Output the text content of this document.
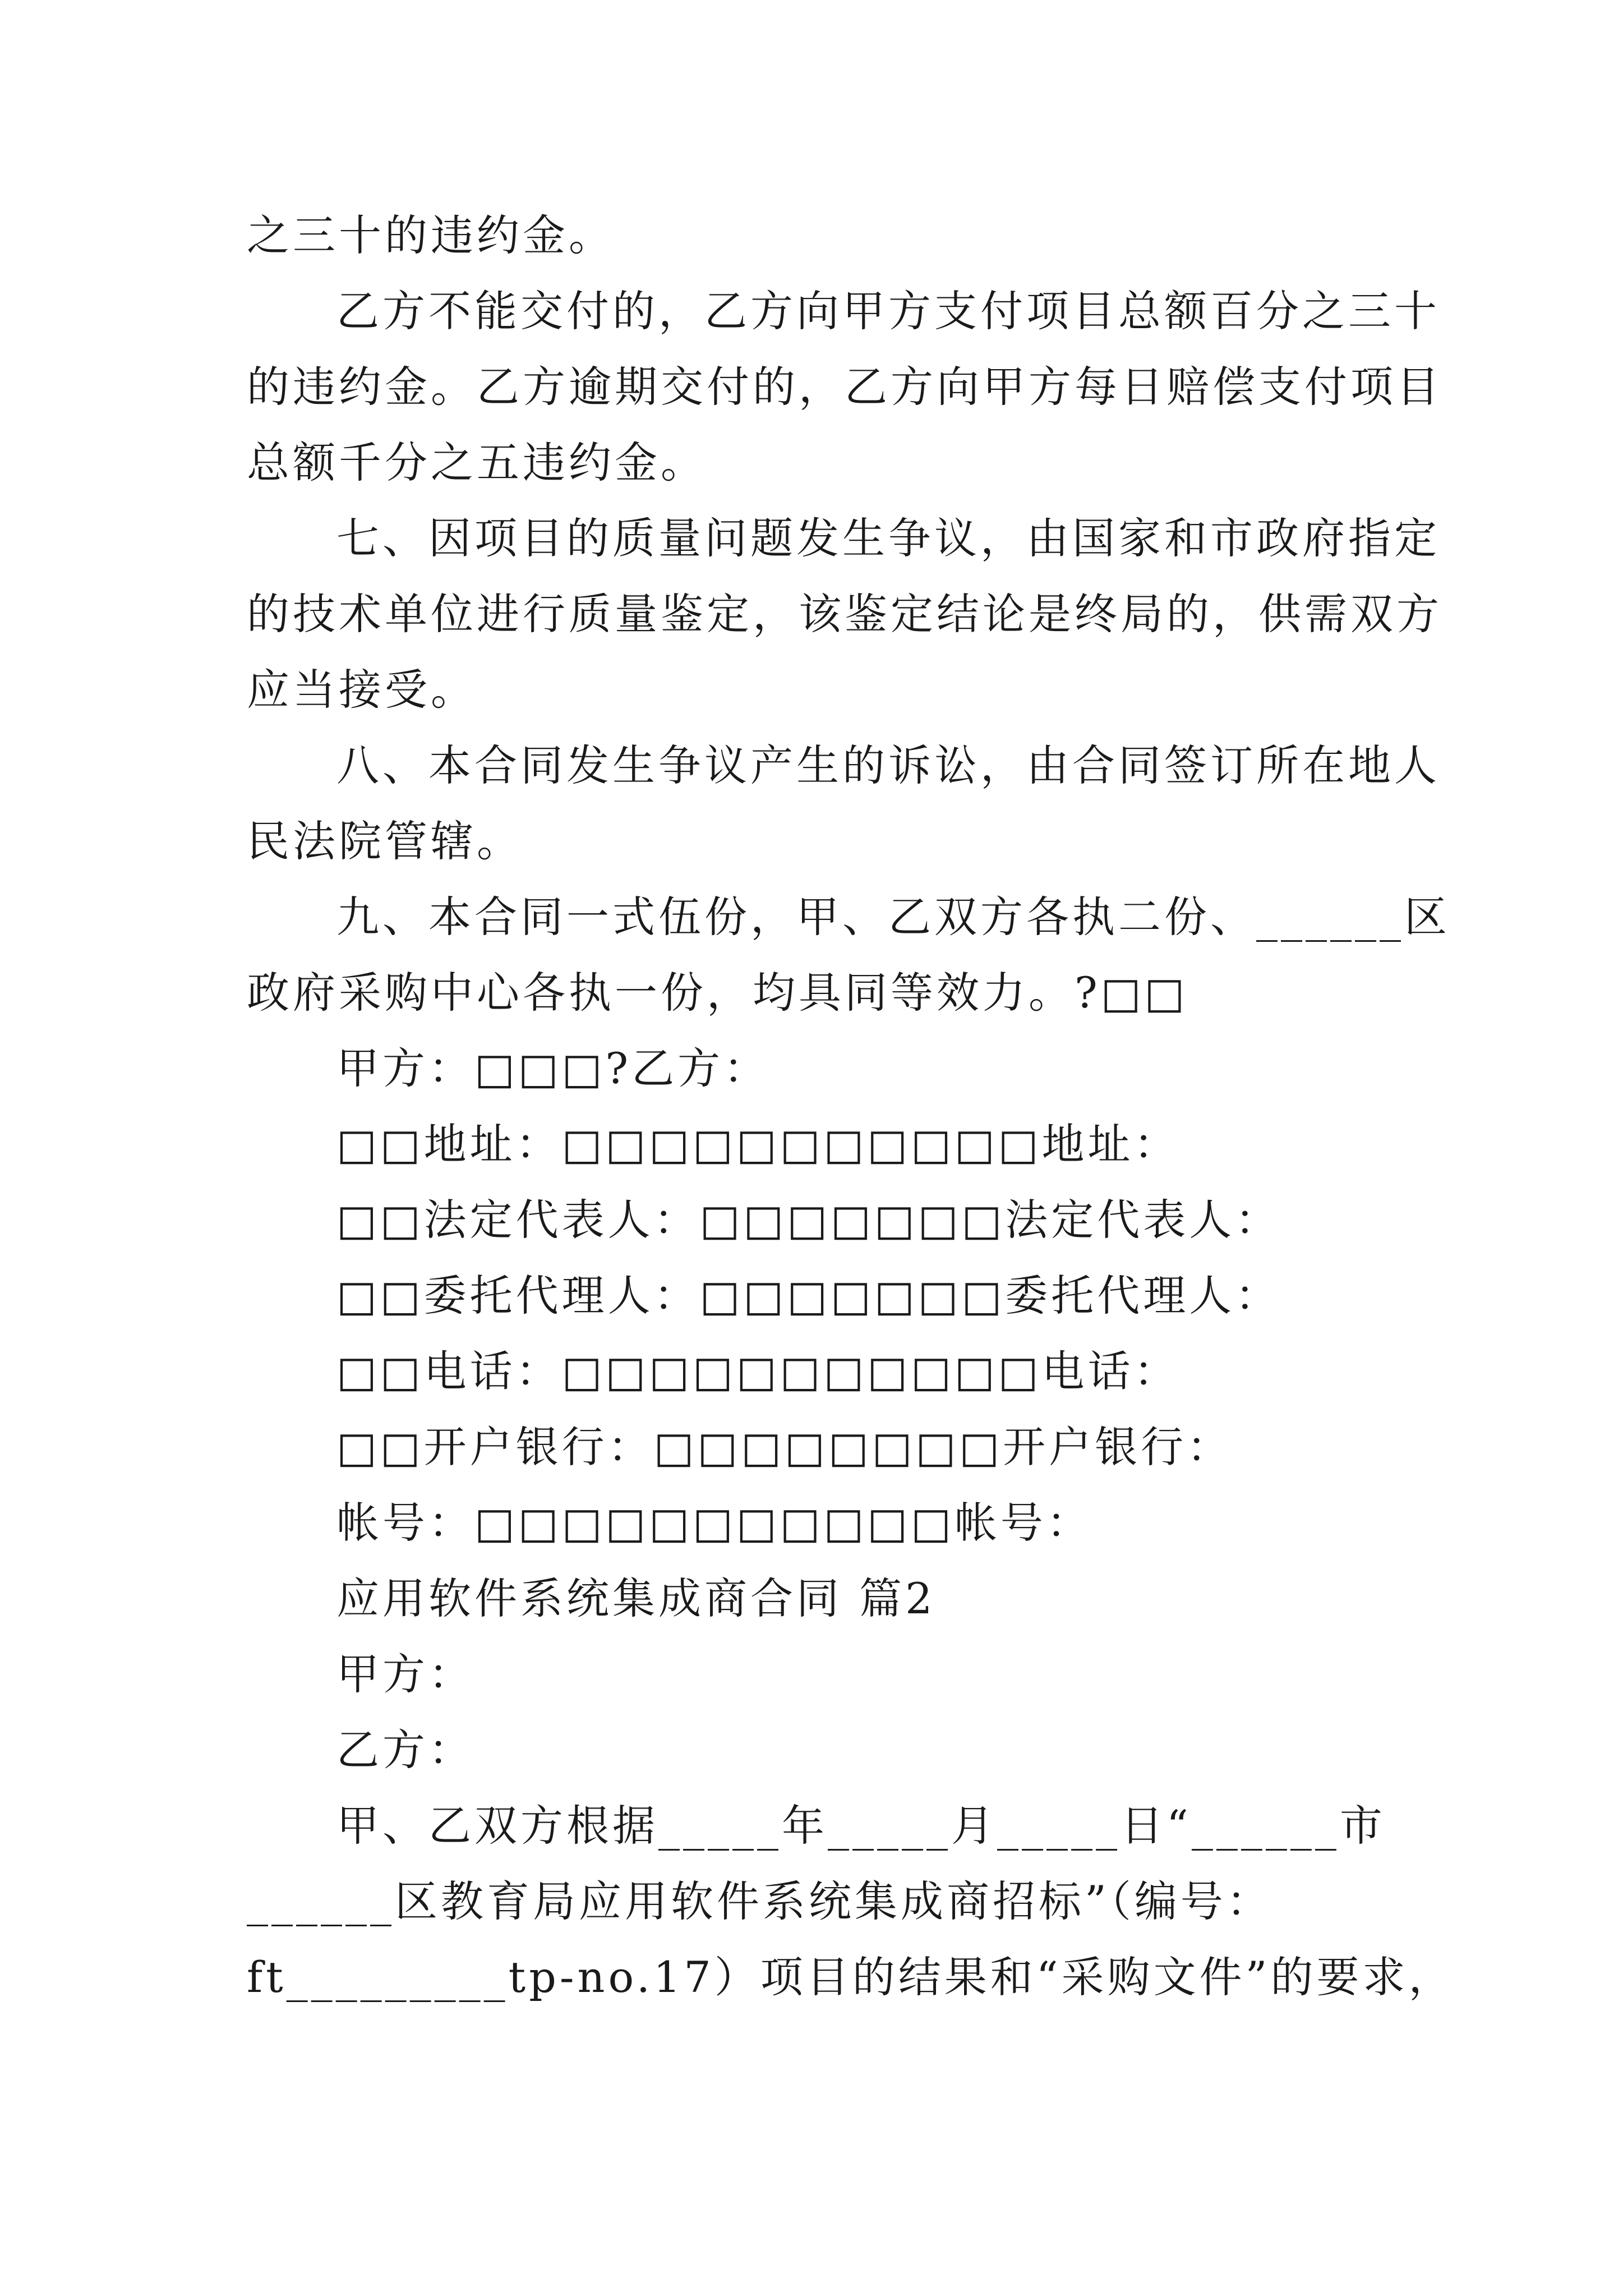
之三十的违约金。
乙方不能交付的，乙方向甲方支付项目总额百分之三十
的违约金。乙方逾期交付的，乙方向甲方每日赔偿支付项目
总额千分之五违约金。
七、因项目的质量问题发生争议，由国家和市政府指定
的技术单位进行质量鉴定，该鉴定结论是终局的，供需双方
应当接受。
八、本合同发生争议产生的诉讼，由合同签订所在地人
民法院管辖。
九、本合同一式伍份，甲、乙双方各执二份、______区
政府采购中心各执一份，均具同等效力。?□□
甲方：□□□?乙方：
□□地址：□□□□□□□□□□□地址：
□□法定代表人：□□□□□□□法定代表人：
□□委托代理人：□□□□□□□委托代理人：
□□电话：□□□□□□□□□□□电话：
□□开户银行：□□□□□□□□开户银行：
帐号：□□□□□□□□□□□帐号：
应用软件系统集成商合同 篇2
甲方：
乙方：
甲、乙双方根据_____年_____月_____日“______市
______区教育局应用软件系统集成商招标”（编号：
ft_________tp-no.17）项目的结果和“采购文件”的要求，
